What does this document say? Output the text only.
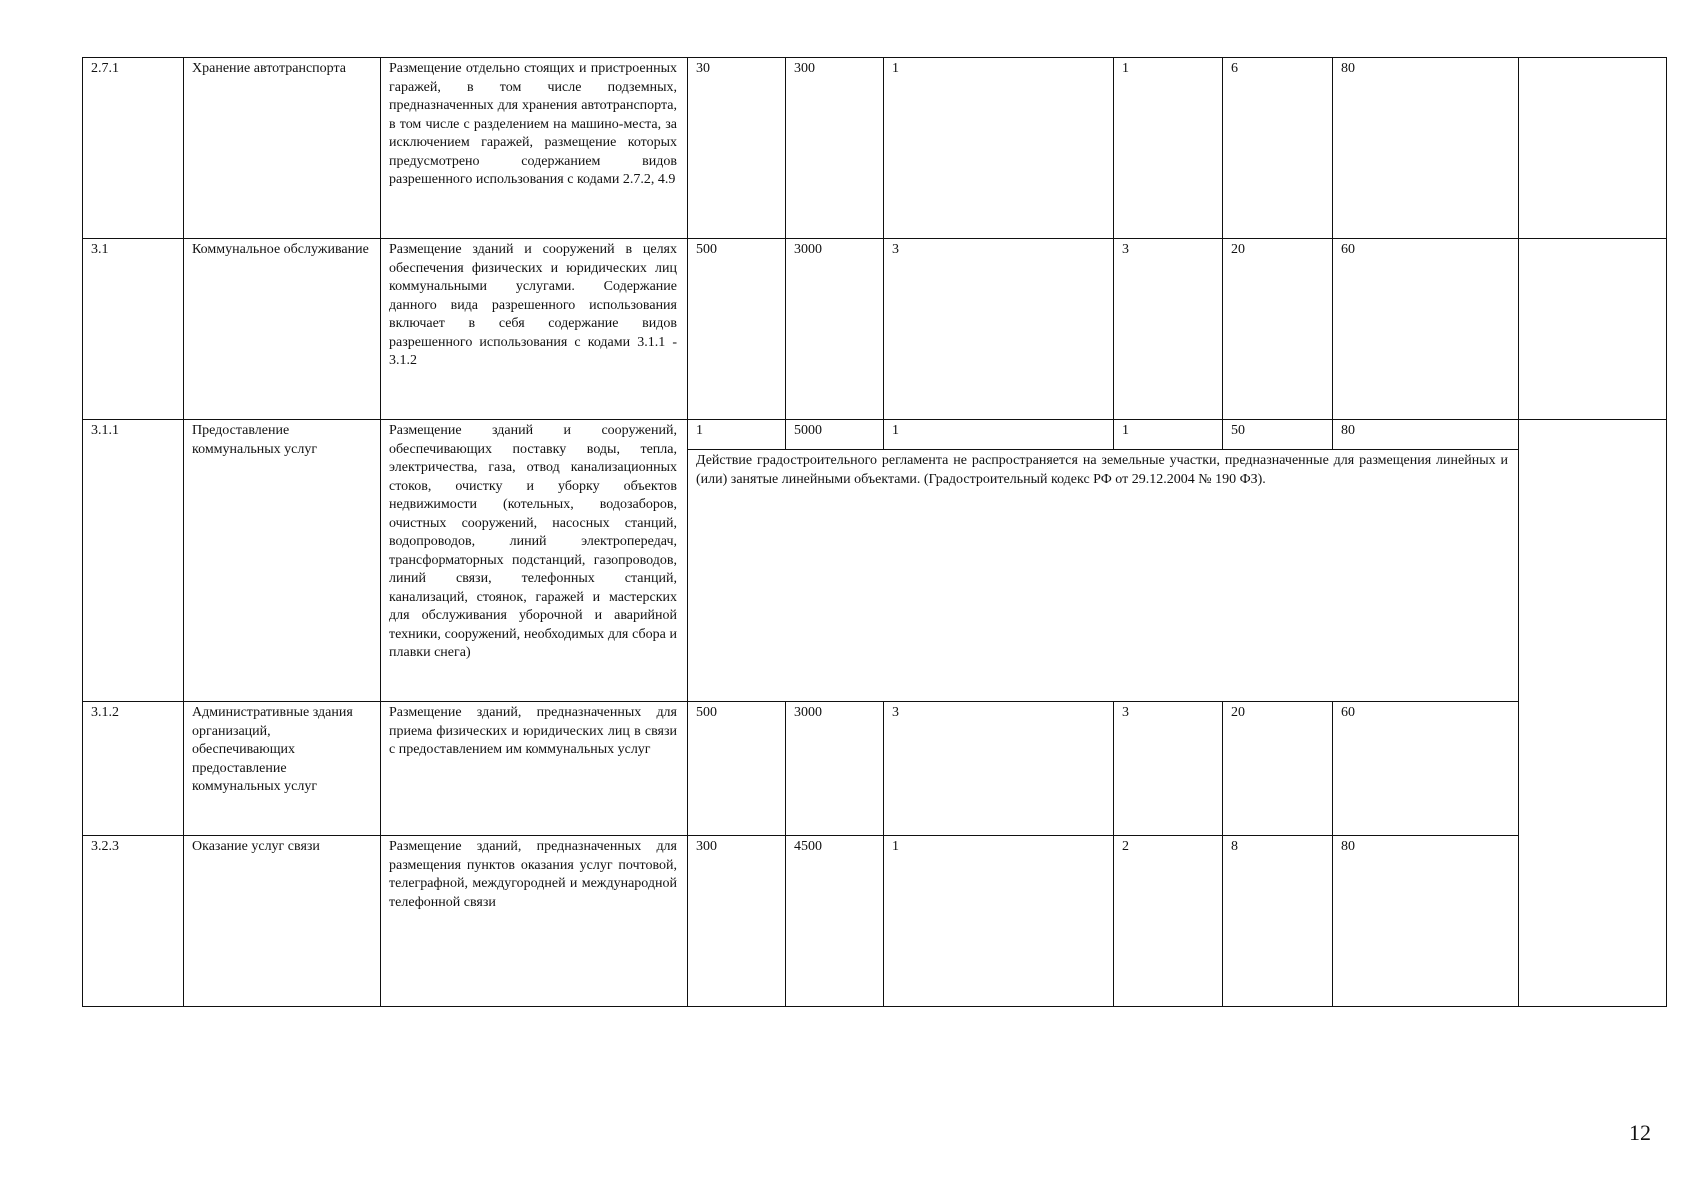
2.7.1	Хранение автотранспорта	Размещение отдельно стоящих и пристроенных гаражей, в том числе подземных, предназначенных для хранения автотранспорта, в том числе с разделением на машино-места, за исключением гаражей, размещение которых предусмотрено содержанием видов разрешенного использования с кодами 2.7.2, 4.9	30	300	1	1	6	80	
3.1	Коммунальное обслуживание	Размещение зданий и сооружений в целях обеспечения физических и юридических лиц коммунальными услугами. Содержание данного вида разрешенного использования включает в себя содержание видов разрешенного использования с кодами 3.1.1 - 3.1.2	500	3000	3	3	20	60	
3.1.1	Предоставление коммунальных услуг	Размещение зданий и сооружений, обеспечивающих поставку воды, тепла, электричества, газа, отвод канализационных стоков, очистку и уборку объектов недвижимости (котельных, водозаборов, очистных сооружений, насосных станций, водопроводов, линий электропередач, трансформаторных подстанций, газопроводов, линий связи, телефонных станций, канализаций, стоянок, гаражей и мастерских для обслуживания уборочной и аварийной техники, сооружений, необходимых для сбора и плавки снега)	1	5000	1	1	50	80	
			Действие градостроительного регламента не распространяется на земельные участки, предназначенные для размещения линейных и (или) занятые линейными объектами. (Градостроительный кодекс РФ от 29.12.2004 № 190 ФЗ).						
3.1.2	Административные здания организаций, обеспечивающих предоставление коммунальных услуг	Размещение зданий, предназначенных для приема физических и юридических лиц в связи с предоставлением им коммунальных услуг	500	3000	3	3	20	60	
3.2.3	Оказание услуг связи	Размещение зданий, предназначенных для размещения пунктов оказания услуг почтовой, телеграфной, междугородней и международной телефонной связи	300	4500	1	2	8	80	
12
